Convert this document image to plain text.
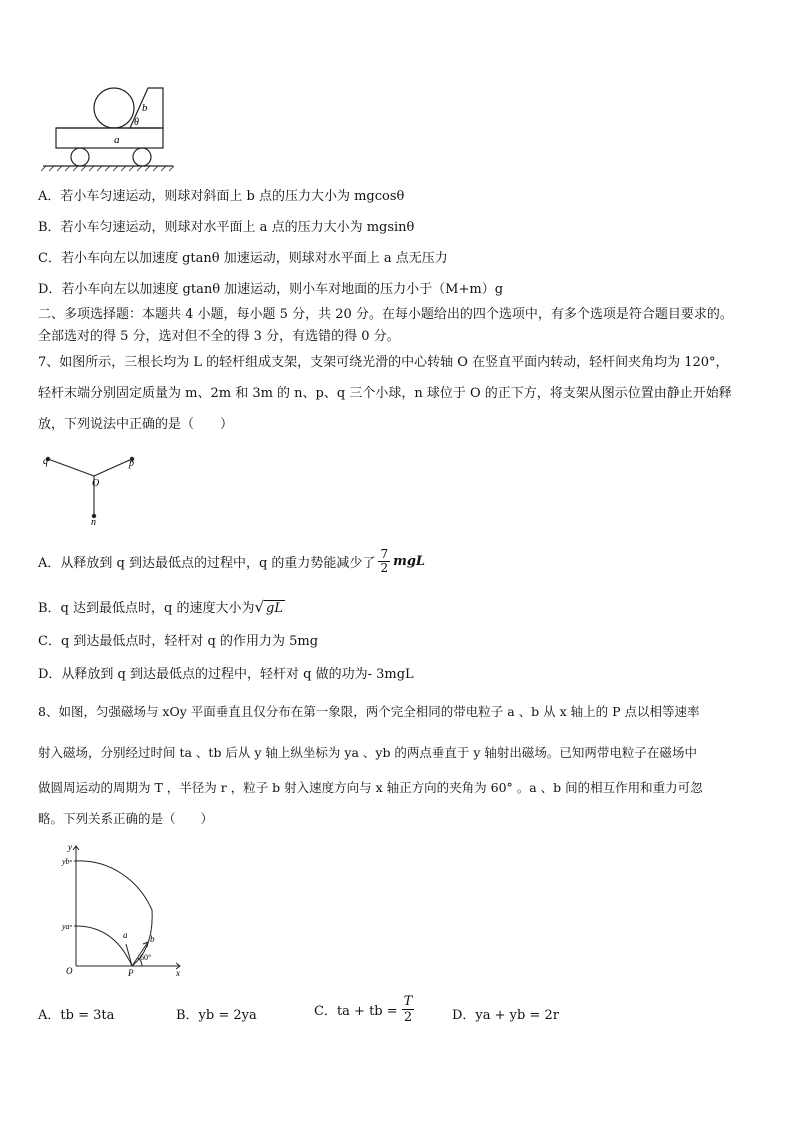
b
θ
a
A．若小车匀速运动，则球对斜面上 b 点的压力大小为 mgcosθ
B．若小车匀速运动，则球对水平面上 a 点的压力大小为 mgsinθ
C．若小车向左以加速度 gtanθ 加速运动，则球对水平面上 a 点无压力
D．若小车向左以加速度 gtanθ 加速运动，则小车对地面的压力小于（M+m）g
二、多项选择题：本题共 4 小题，每小题 5 分，共 20 分。在每小题给出的四个选项中，有多个选项是符合题目要求的。
全部选对的得 5 分，选对但不全的得 3 分，有选错的得 0 分。
7、如图所示，三根长均为 L 的轻杆组成支架，支架可绕光滑的中心转轴 O 在竖直平面内转动，轻杆间夹角均为 120°，
轻杆末端分别固定质量为 m、2m 和 3m 的 n、p、q 三个小球，n 球位于 O 的正下方，将支架从图示位置由静止开始释
放，下列说法中正确的是（　　）
q	p
O
n
A．从释放到 q 到达最低点的过程中，q 的重力势能减少了
7
2 mgL
B．q 达到最低点时，q 的速度大小为√ gL
C．q 到达最低点时，轻杆对 q 的作用力为 5mg
D．从释放到 q 到达最低点的过程中，轻杆对 q 做的功为- 3mgL
8、如图，匀强磁场与 xOy 平面垂直且仅分布在第一象限，两个完全相同的带电粒子 a 、b 从 x 轴上的 P 点以相等速率
射入磁场，分别经过时间 ta 、tb 后从 y 轴上纵坐标为 ya 、yb 的两点垂直于 y 轴射出磁场。已知两带电粒子在磁场中
做圆周运动的周期为 T ，半径为 r ，粒子 b 射入速度方向与 x 轴正方向的夹角为 60° 。a 、b 间的相互作用和重力可忽
略。下列关系正确的是（　　）
y
yb
ya
O	P	x
a	b
60°
A．tb = 3ta	B．yb = 2ya	C．ta + tb = $\frac{T}{2}$	D．ya + yb = 2r
